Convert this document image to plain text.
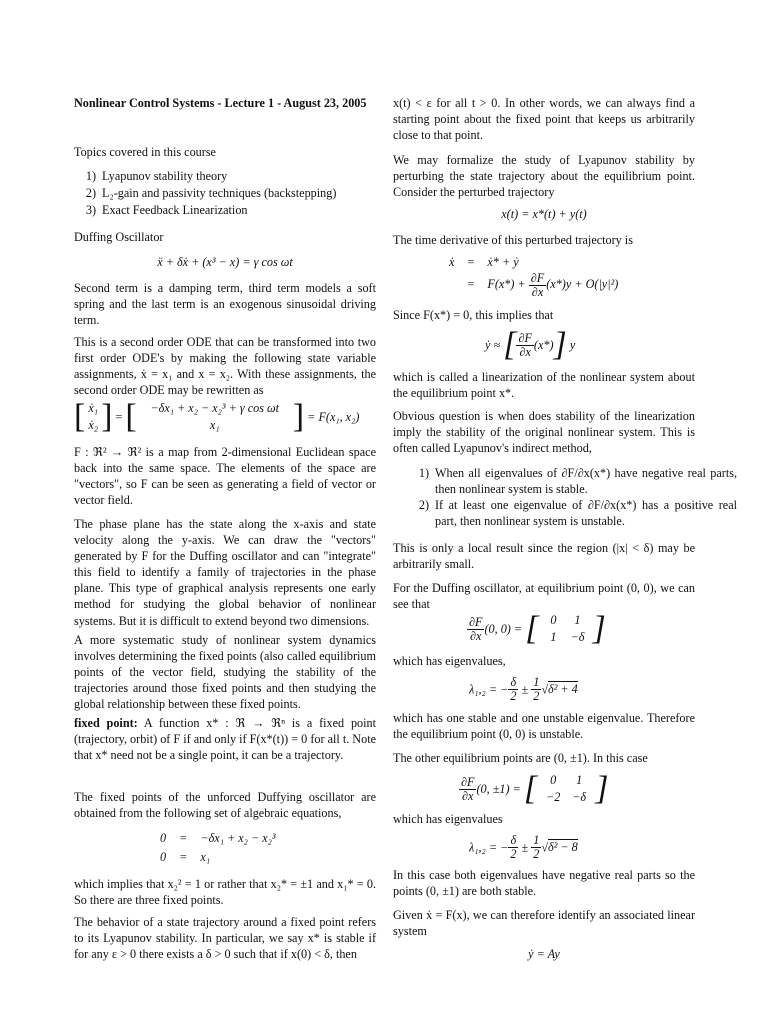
Nonlinear Control Systems - Lecture 1 - August 23, 2005

Topics covered in this course

1) Lyapunov stability theory
2) L₂-gain and passivity techniques (backstepping)
3) Exact Feedback Linearization

Duffing Oscillator

ẍ + δẋ + (x³ − x) = γ cos ωt

Second term is a damping term, third term models a soft spring and the last term is an exogenous sinusoidal driving term.

This is a second order ODE that can be transformed into two first order ODE's by making the following state variable assignments, ẋ = x₁ and x = x₂. With these assignments, the second order ODE may be rewritten as

[ ẋ₁
ẋ₂ ] = [	−δx₁ + x₂ − x₂³ + γ cos ωt
x₁	] = F(x₁, x₂)

F : ℜ² → ℜ² is a map from 2-dimensional Euclidean space back into the same space. The elements of the space are "vectors", so F can be seen as generating a field of vector or vector field.

The phase plane has the state along the x-axis and state velocity along the y-axis. We can draw the "vectors" generated by F for the Duffing oscillator and can "integrate" this field to identify a family of trajectories in the phase plane. This type of graphical analysis represents one early method for studying the global behavior of nonlinear systems. But it is difficult to extend beyond two dimensions.

A more systematic study of nonlinear system dynamics involves determining the fixed points (also called equilibrium points of the vector field, studying the stability of the trajectories around those fixed points and then studying the global relationship between these fixed points.

fixed point: A function x* : ℜ → ℜⁿ is a fixed point (trajectory, orbit) of F if and only if F(x*(t)) = 0 for all t. Note that x* need not be a single point, it can be a trajectory.

The fixed points of the unforced Duffying oscillator are obtained from the following set of algebraic equations,

0 = −δx₁ + x₂ − x₂³
0 = x₁

which implies that x₂² = 1 or rather that x₂* = ±1 and x₁* = 0. So there are three fixed points.

The behavior of a state trajectory around a fixed point refers to its Lyapunov stability. In particular, we say x* is stable if for any ε > 0 there exists a δ > 0 such that if x(0) < δ, then

x(t) < ε for all t > 0. In other words, we can always find a starting point about the fixed point that keeps us arbitrarily close to that point.

We may formalize the study of Lyapunov stability by perturbing the state trajectory about the equilibrium point. Consider the perturbed trajectory

x(t) = x*(t) + y(t)

The time derivative of this perturbed trajectory is

ẋ = ẋ* + ẏ
= $F(x*) + \frac{\partial F}{\partial x} (x*)y + O(|y|^2)$

Since F(x*) = 0, this implies that

ẏ ≈ [ $\frac{\partial F}{\partial x} (x*)$] y

which is called a linearization of the nonlinear system about the equilibrium point x*.

Obvious question is when does stability of the linearization imply the stability of the original nonlinear system. This is often called Lyapunov's indirect method,

1) When all eigenvalues of ∂F/∂x(x*) have negative real parts, then nonlinear system is stable.
2) If at least one eigenvalue of ∂F/∂x(x*) has a positive real part, then nonlinear system is unstable.

This is only a local result since the region (|x| < δ) may be arbitrarily small.

For the Duffing oscillator, at equilibrium point (0, 0), we can see that

$\frac{\partial F}{\partial x} (0$, 0) = [ 0 1
1 −δ ]

which has eigenvalues,

λ₁,₂ = − $\frac{\delta}{2} \pm \frac{1}{2} √\delta^2 + 4$

which has one stable and one unstable eigenvalue. Therefore the equilibrium point (0, 0) is unstable.

The other equilibrium points are (0, ±1). In this case

$\frac{\partial F}{\partial x} (0$, ±1) = [	0 1
−2 −δ ]

which has eigenvalues

λ₁,₂ = − $\frac{\delta}{2} \pm \frac{1}{2} √\delta^2 - 8$

In this case both eigenvalues have negative real parts so the points (0, ±1) are both stable.

Given ẋ = F(x), we can therefore identify an associated linear system

ẏ = Ay
